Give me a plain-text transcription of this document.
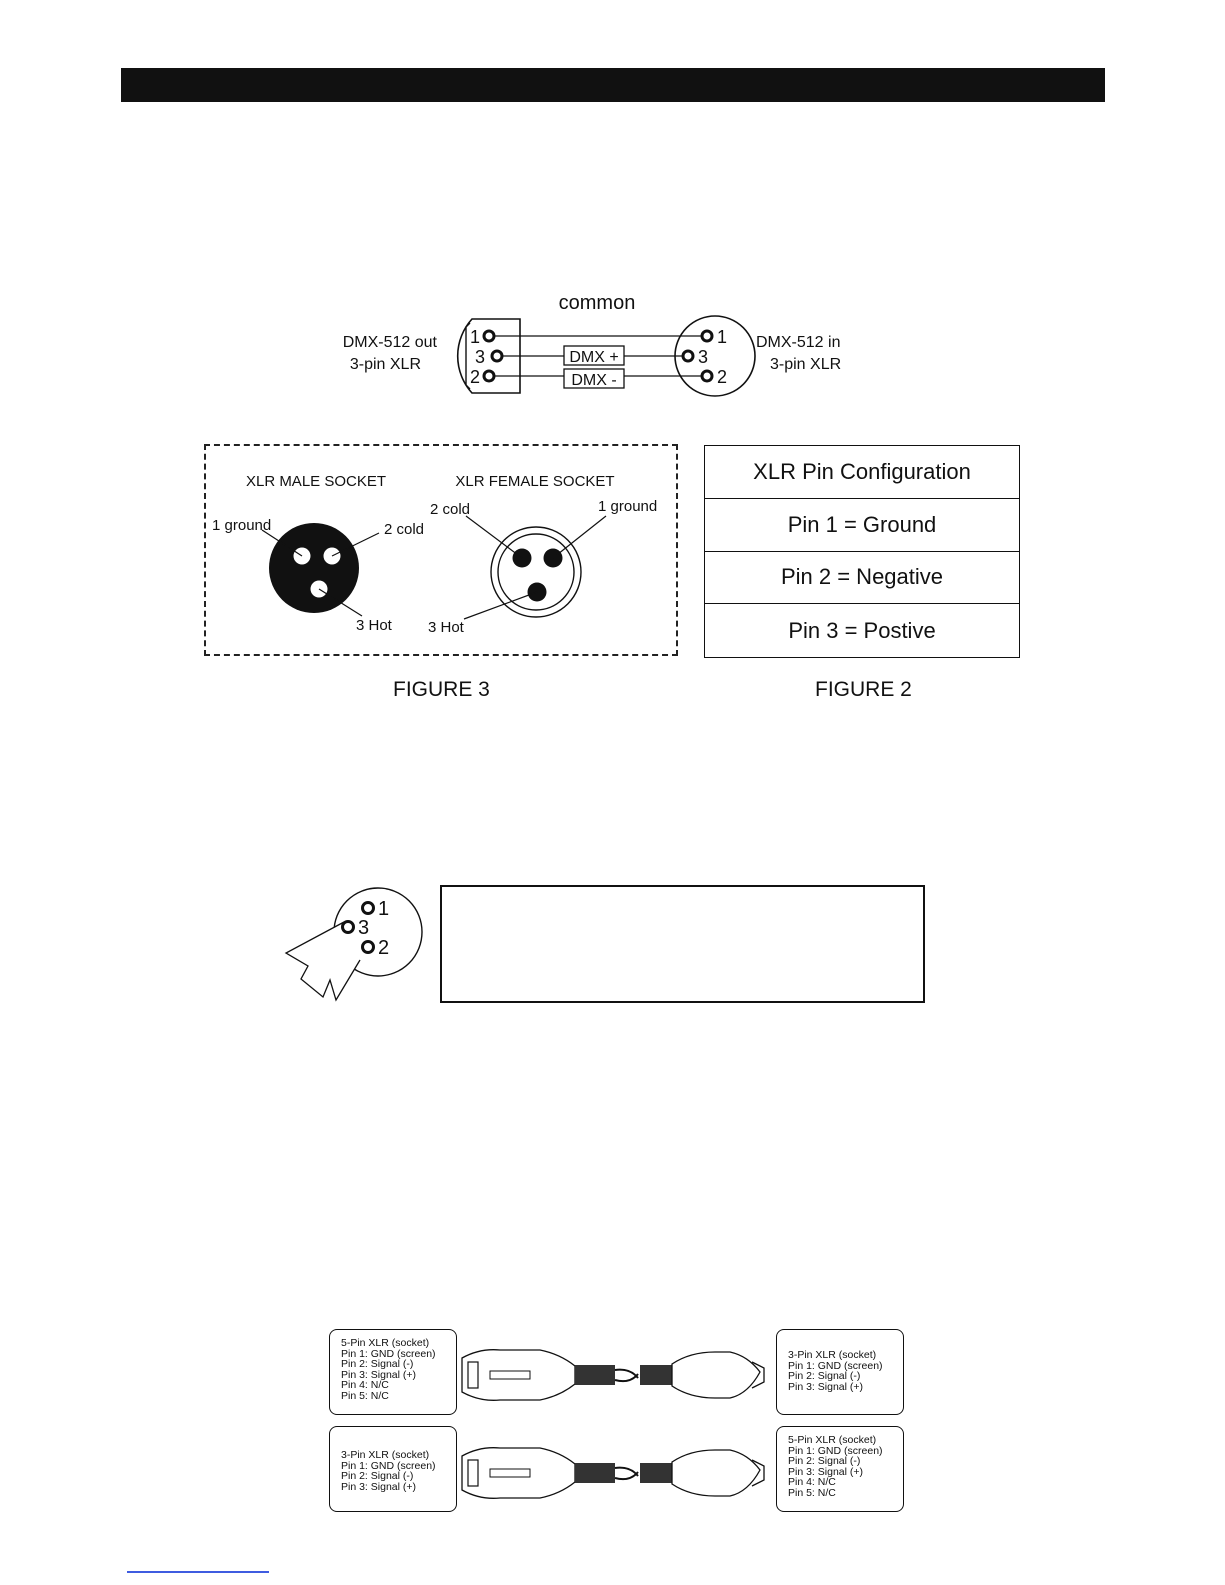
common
DMX-512 out
3-pin XLR
DMX-512 in
3-pin XLR
1
3
2
1
3
2
DMX +
DMX -
XLR MALE SOCKET	XLR FEMALE SOCKET
1 ground	2 cold
3 Hot
2 cold	1 ground
3 Hot
XLR Pin Configuration
Pin 1 = Ground
Pin 2 = Negative
Pin 3 = Postive
FIGURE 3	FIGURE 2
1
3
2
5-Pin XLR (socket)
Pin 1: GND (screen)
Pin 2: Signal (-)
Pin 3: Signal (+)
Pin 4: N/C
Pin 5: N/C
3-Pin XLR (socket)
Pin 1: GND (screen)
Pin 2: Signal (-)
Pin 3: Signal (+)
3-Pin XLR (socket)
Pin 1: GND (screen)
Pin 2: Signal (-)
Pin 3: Signal (+)
5-Pin XLR (socket)
Pin 1: GND (screen)
Pin 2: Signal (-)
Pin 3: Signal (+)
Pin 4: N/C
Pin 5: N/C
